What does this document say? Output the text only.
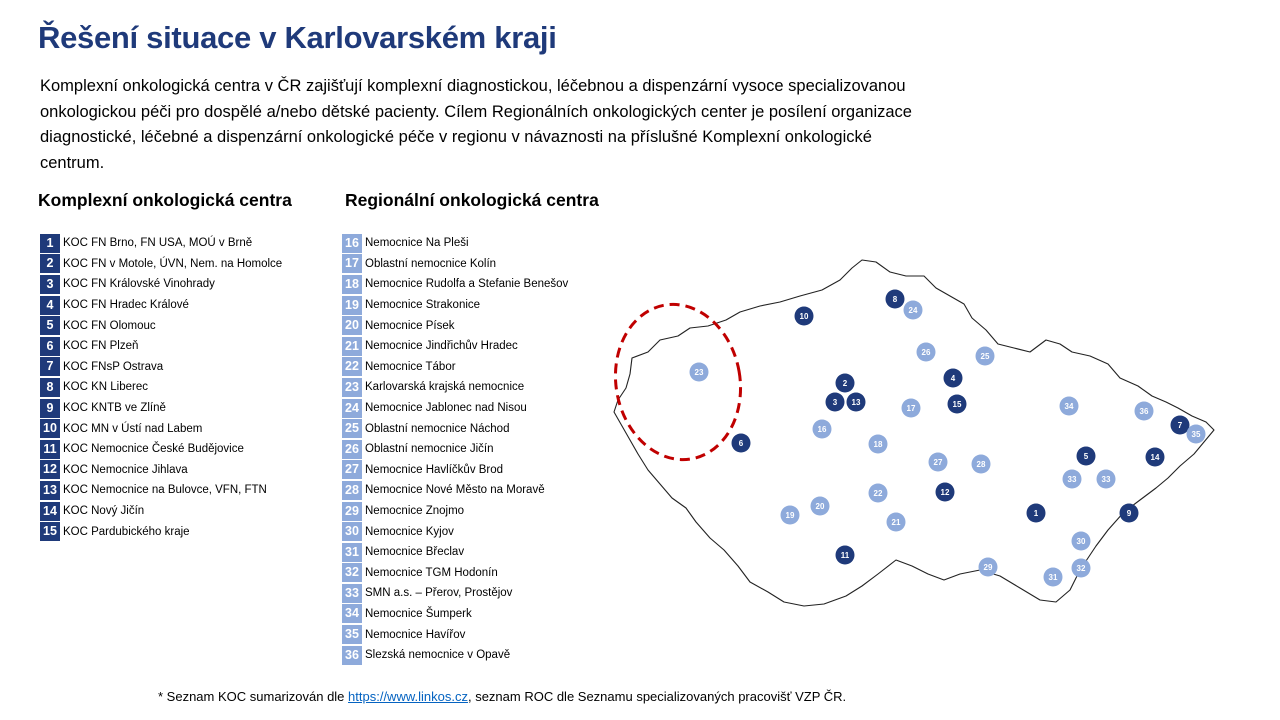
Řešení situace v Karlovarském kraji

Komplexní onkologická centra v ČR zajišťují komplexní diagnostickou, léčebnou a dispenzární vysoce specializovanou onkologickou péči pro dospělé a/nebo dětské pacienty. Cílem Regionálních onkologických center je posílení organizace diagnostické, léčebné a dispenzární onkologické péče v regionu v návaznosti na příslušné Komplexní onkologické centrum.

Komplexní onkologická centra	Regionální onkologická centra
1 KOC FN Brno, FN USA, MOÚ v Brně
2 KOC FN v Motole, ÚVN, Nem. na Homolce
3 KOC FN Královské Vinohrady
4 KOC FN Hradec Králové
5 KOC FN Olomouc
6 KOC FN Plzeň
7 KOC FNsP Ostrava
8 KOC KN Liberec
9 KOC KNTB ve Zlíně
10 KOC MN v Ústí nad Labem
11 KOC Nemocnice České Budějovice
12 KOC Nemocnice Jihlava
13 KOC Nemocnice na Bulovce, VFN, FTN
14 KOC Nový Jičín
15 KOC Pardubického kraje
16 Nemocnice Na Pleši
17 Oblastní nemocnice Kolín
18 Nemocnice Rudolfa a Stefanie Benešov
19 Nemocnice Strakonice
20 Nemocnice Písek
21 Nemocnice Jindřichův Hradec
22 Nemocnice Tábor
23 Karlovarská krajská nemocnice
24 Nemocnice Jablonec nad Nisou
25 Oblastní nemocnice Náchod
26 Oblastní nemocnice Jičín
27 Nemocnice Havlíčkův Brod
28 Nemocnice Nové Město na Moravě
29 Nemocnice Znojmo
30 Nemocnice Kyjov
31 Nemocnice Břeclav
32 Nemocnice TGM Hodonín
33 SMN a.s. – Přerov, Prostějov
34 Nemocnice Šumperk
35 Nemocnice Havířov
36 Slezská nemocnice v Opavě
10
8
24
23
26	25
2
4
3 13	15
17	34
36
7
35
16
6	18
27	28
5	14
33	33
22	12
20
19
21
1	9
30
11
29
31
32

* Seznam KOC sumarizován dle https://www.linkos.cz, seznam ROC dle Seznamu specializovaných pracovišť VZP ČR.
